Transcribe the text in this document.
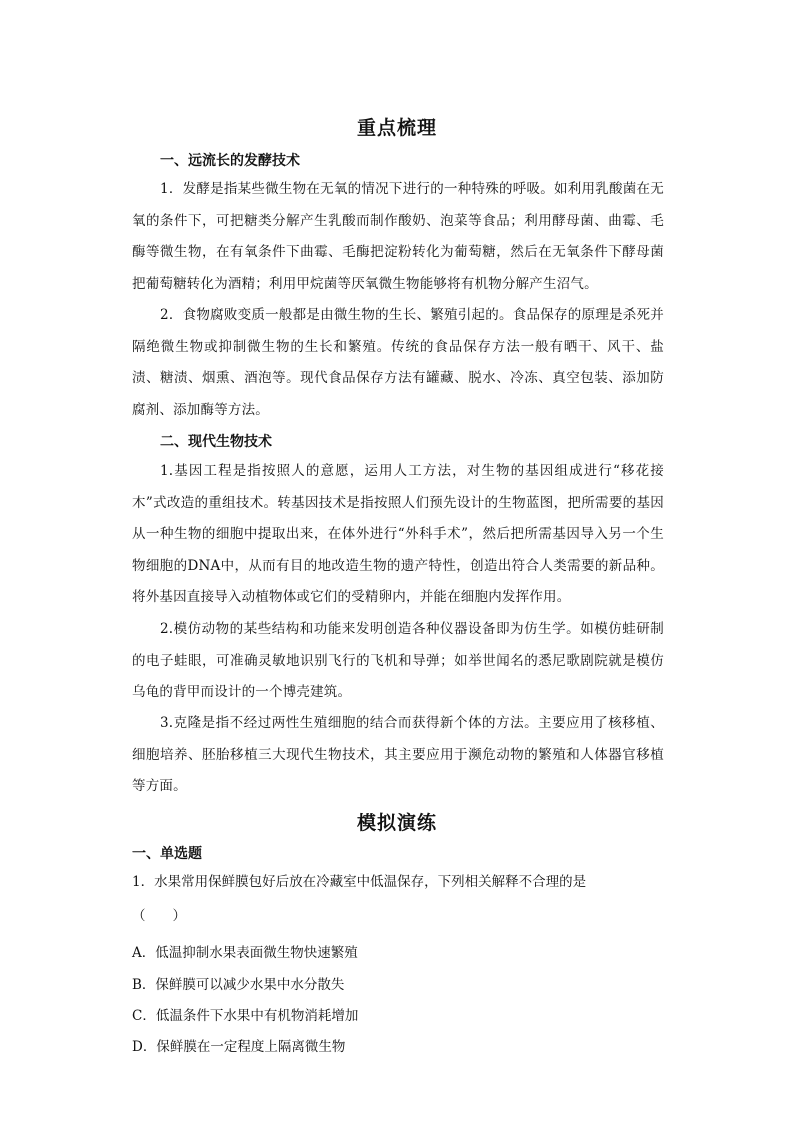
重点梳理
一、远流长的发酵技术

1．发酵是指某些微生物在无氧的情况下进行的一种特殊的呼吸。如利用乳酸菌在无氧的条件下，可把糖类分解产生乳酸而制作酸奶、泡菜等食品；利用酵母菌、曲霉、毛酶等微生物，在有氧条件下曲霉、毛酶把淀粉转化为葡萄糖，然后在无氧条件下酵母菌把葡萄糖转化为酒精；利用甲烷菌等厌氧微生物能够将有机物分解产生沼气。

2．食物腐败变质一般都是由微生物的生长、繁殖引起的。食品保存的原理是杀死并隔绝微生物或抑制微生物的生长和繁殖。传统的食品保存方法一般有晒干、风干、盐渍、糖渍、烟熏、酒泡等。现代食品保存方法有罐藏、脱水、冷冻、真空包装、添加防腐剂、添加酶等方法。

二、现代生物技术

1.基因工程是指按照人的意愿，运用人工方法，对生物的基因组成进行“移花接木”式改造的重组技术。转基因技术是指按照人们预先设计的生物蓝图，把所需要的基因从一种生物的细胞中提取出来，在体外进行“外科手术”，然后把所需基因导入另一个生物细胞的DNA中，从而有目的地改造生物的遗产特性，创造出符合人类需要的新品种。将外基因直接导入动植物体或它们的受精卵内，并能在细胞内发挥作用。

2.模仿动物的某些结构和功能来发明创造各种仪器设备即为仿生学。如模仿蛙研制的电子蛙眼，可准确灵敏地识别飞行的飞机和导弹；如举世闻名的悉尼歌剧院就是模仿乌龟的背甲而设计的一个博壳建筑。

3.克隆是指不经过两性生殖细胞的结合而获得新个体的方法。主要应用了核移植、细胞培养、胚胎移植三大现代生物技术，其主要应用于濒危动物的繁殖和人体器官移植等方面。

模拟演练
一、单选题

1．水果常用保鲜膜包好后放在冷藏室中低温保存，下列相关解释不合理的是

（　　）

A．低温抑制水果表面微生物快速繁殖

B．保鲜膜可以减少水果中水分散失

C．低温条件下水果中有机物消耗增加

D．保鲜膜在一定程度上隔离微生物
